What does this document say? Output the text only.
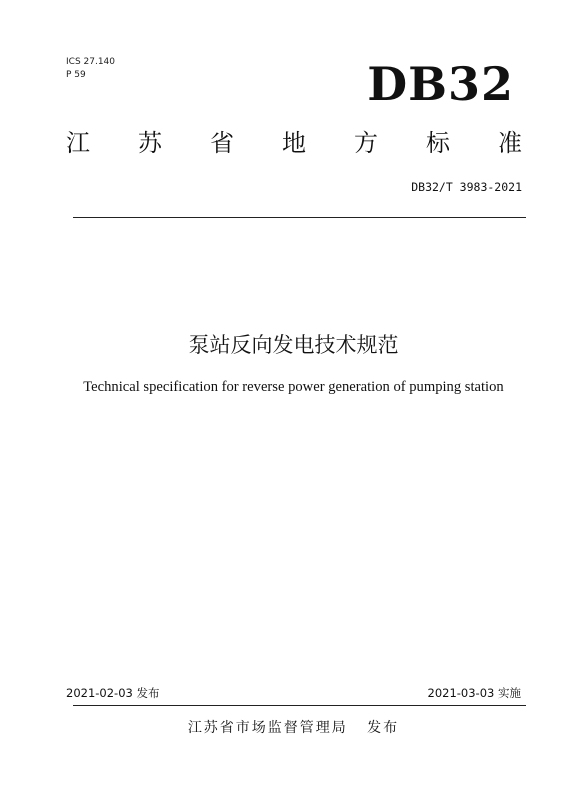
ICS 27.140
P 59	DB32
江 苏 省 地 方 标 准
DB32/T 3983-2021
泵站反向发电技术规范
Technical specification for reverse power generation of pumping station
2021-02-03 发布	2021-03-03 实施
江苏省市场监督管理局 发布
